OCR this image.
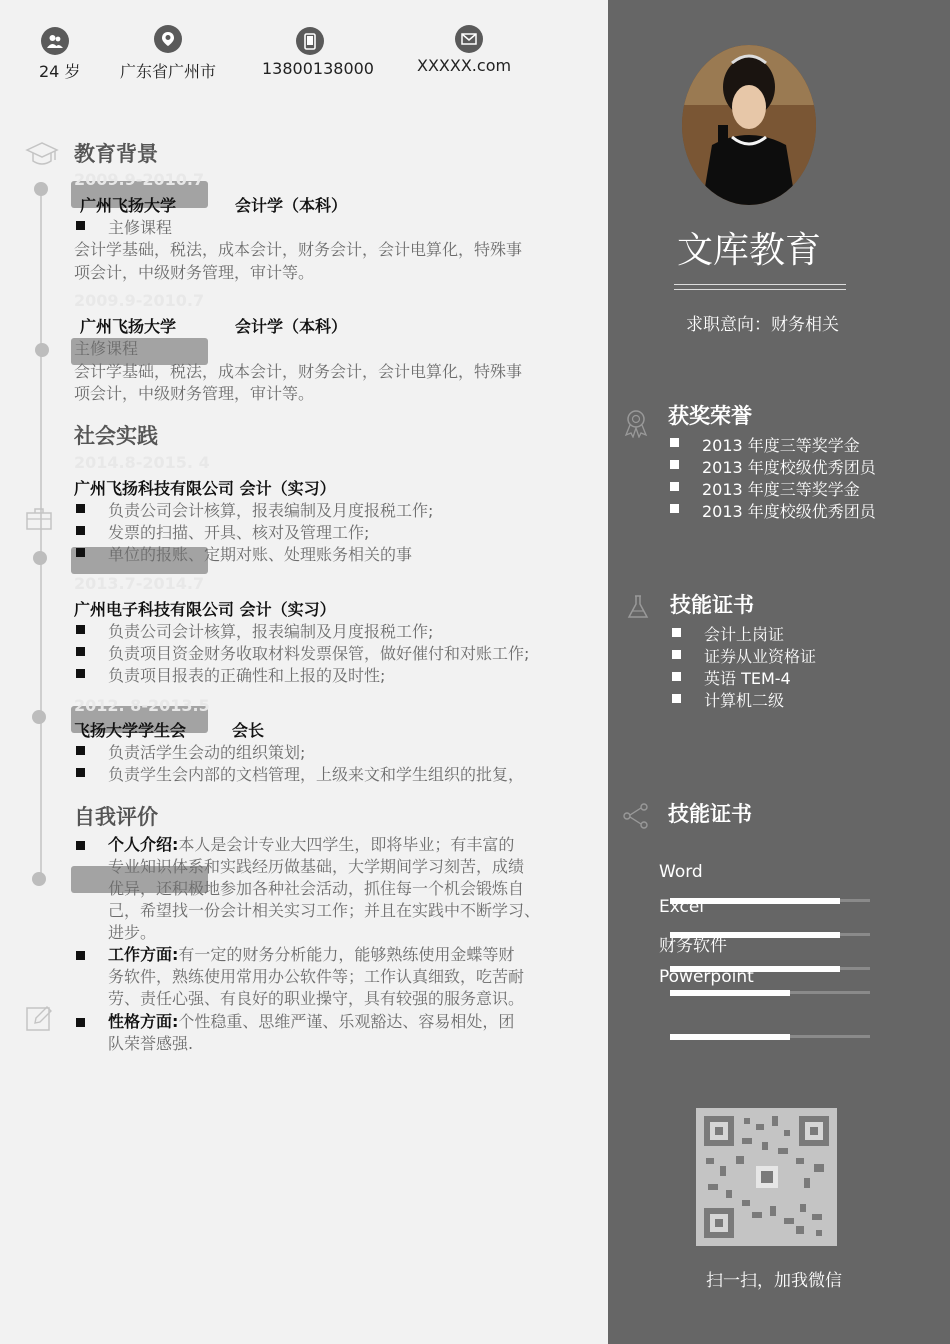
文库教育
求职意向：财务相关
获奖荣誉
2013 年度三等奖学金
2013 年度校级优秀团员
2013 年度三等奖学金
2013 年度校级优秀团员
技能证书
会计上岗证
证券从业资格证
英语 TEM-4
计算机二级
技能证书
Word
Excel
财务软件
Powerpoint
扫一扫，加我微信
24 岁 广东省广州市	13800138000	XXXXX.com
教育背景
2009.9-2010.7
广州飞扬大学	会计学（本科）
主修课程
会计学基础，税法，成本会计，财务会计，会计电算化，特殊事
项会计，中级财务管理，审计等。
2009.9-2010.7
广州飞扬大学	会计学（本科）
主修课程
会计学基础，税法，成本会计，财务会计，会计电算化，特殊事
项会计，中级财务管理，审计等。
社会实践
2014.8-2015. 4
广州飞扬科技有限公司 会计（实习）
负责公司会计核算，报表编制及月度报税工作;
发票的扫描、开具、核对及管理工作;
单位的报账、定期对账、处理账务相关的事
2013.7-2014.7
广州电子科技有限公司 会计（实习）
负责公司会计核算，报表编制及月度报税工作;
负责项目资金财务收取材料发票保管，做好催付和对账工作;
负责项目报表的正确性和上报的及时性;
2012. 8-2013.5
飞扬大学学生会	会长
负责活学生会动的组织策划;
负责学生会内部的文档管理，上级来文和学生组织的批复，
自我评价
个人介绍:本人是会计专业大四学生，即将毕业；有丰富的
专业知识体系和实践经历做基础，大学期间学习刻苦，成绩
优异，还积极地参加各种社会活动，抓住每一个机会锻炼自
己，希望找一份会计相关实习工作；并且在实践中不断学习、
进步。
工作方面:有一定的财务分析能力，能够熟练使用金蝶等财
务软件，熟练使用常用办公软件等；工作认真细致，吃苦耐
劳、责任心强、有良好的职业操守，具有较强的服务意识。
性格方面:个性稳重、思维严谨、乐观豁达、容易相处，团
队荣誉感强.
